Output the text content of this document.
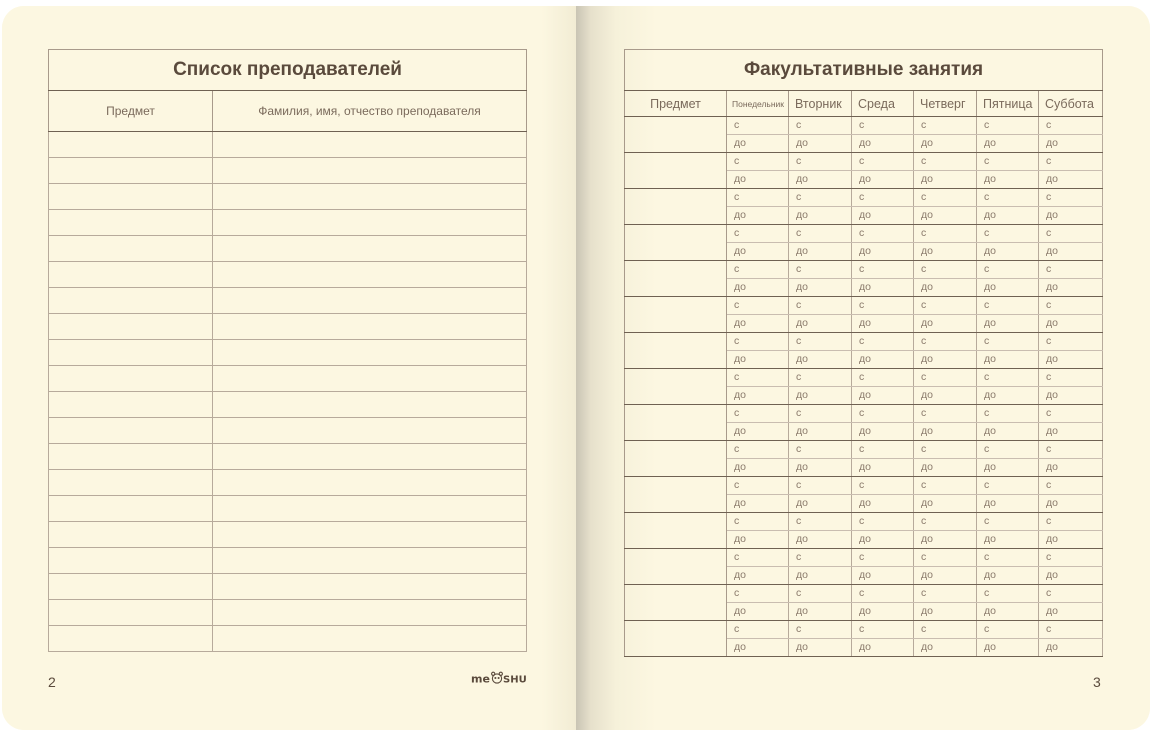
Список преподавателей	
Предмет	Фамилия, имя, отчество преподавателя

2	me SHU
Факультативные занятия						
Предмет	Понедельник	Вторник	Среда	Четверг	Пятница	Суббота
	с	с	с	с	с	с
	до	до	до	до	до	до
	с	с	с	с	с	с
	до	до	до	до	до	до
	с	с	с	с	с	с
	до	до	до	до	до	до
	с	с	с	с	с	с
	до	до	до	до	до	до
	с	с	с	с	с	с
	до	до	до	до	до	до
	с	с	с	с	с	с
	до	до	до	до	до	до
	с	с	с	с	с	с
	до	до	до	до	до	до
	с	с	с	с	с	с
	до	до	до	до	до	до
	с	с	с	с	с	с
	до	до	до	до	до	до
	с	с	с	с	с	с
	до	до	до	до	до	до
	с	с	с	с	с	с
	до	до	до	до	до	до
	с	с	с	с	с	с
	до	до	до	до	до	до
	с	с	с	с	с	с
	до	до	до	до	до	до
	с	с	с	с	с	с
	до	до	до	до	до	до
	с	с	с	с	с	с
	до	до	до	до	до	до
3
